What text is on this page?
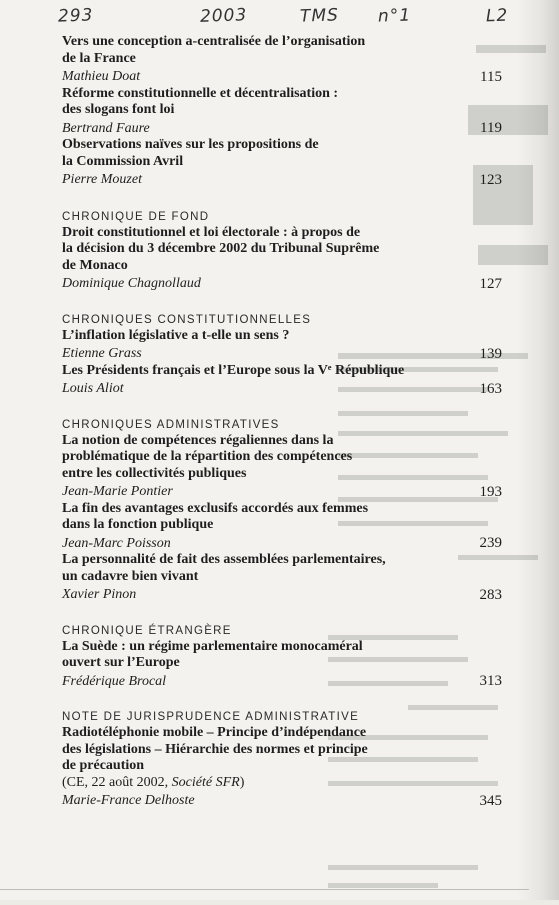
293	2003	TMS n°1	L2
Vers une conception a-centralisée de l’organisation
de la France
Mathieu Doat	115
Réforme constitutionnelle et décentralisation :
des slogans font loi
Bertrand Faure	119
Observations naïves sur les propositions de
la Commission Avril
Pierre Mouzet	123
CHRONIQUE DE FOND
Droit constitutionnel et loi électorale : à propos de
la décision du 3 décembre 2002 du Tribunal Suprême
de Monaco
Dominique Chagnollaud	127
CHRONIQUES CONSTITUTIONNELLES
L’inflation législative a t-elle un sens ?
Etienne Grass	139
Les Présidents français et l’Europe sous la Vᵉ République
Louis Aliot	163
CHRONIQUES ADMINISTRATIVES
La notion de compétences régaliennes dans la
problématique de la répartition des compétences
entre les collectivités publiques
Jean-Marie Pontier	193
La fin des avantages exclusifs accordés aux femmes
dans la fonction publique
Jean-Marc Poisson	239
La personnalité de fait des assemblées parlementaires,
un cadavre bien vivant
Xavier Pinon	283
CHRONIQUE ÉTRANGÈRE
La Suède : un régime parlementaire monocaméral
ouvert sur l’Europe
Frédérique Brocal	313
NOTE DE JURISPRUDENCE ADMINISTRATIVE
Radiotéléphonie mobile – Principe d’indépendance
des législations – Hiérarchie des normes et principe
de précaution
(CE, 22 août 2002, Société SFR)
Marie-France Delhoste	345
